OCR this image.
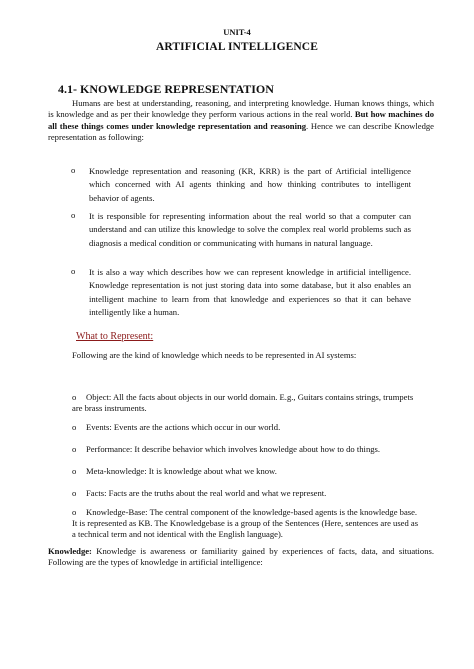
UNIT-4
ARTIFICIAL INTELLIGENCE
4.1- KNOWLEDGE REPRESENTATION
Humans are best at understanding, reasoning, and interpreting knowledge. Human knows things, which is knowledge and as per their knowledge they perform various actions in the real world. But how machines do all these things comes under knowledge representation and reasoning. Hence we can describe Knowledge representation as following:
o Knowledge representation and reasoning (KR, KRR) is the part of Artificial intelligence which concerned with AI agents thinking and how thinking contributes to intelligent behavior of agents.
o It is responsible for representing information about the real world so that a computer can understand and can utilize this knowledge to solve the complex real world problems such as diagnosis a medical condition or communicating with humans in natural language.
o It is also a way which describes how we can represent knowledge in artificial intelligence. Knowledge representation is not just storing data into some database, but it also enables an intelligent machine to learn from that knowledge and experiences so that it can behave intelligently like a human.
What to Represent:
Following are the kind of knowledge which needs to be represented in AI systems:
o Object: All the facts about objects in our world domain. E.g., Guitars contains strings, trumpets are brass instruments.
o Events: Events are the actions which occur in our world.
o Performance: It describe behavior which involves knowledge about how to do things.
o Meta-knowledge: It is knowledge about what we know.
o Facts: Facts are the truths about the real world and what we represent.
o Knowledge-Base: The central component of the knowledge-based agents is the knowledge base. It is represented as KB. The Knowledgebase is a group of the Sentences (Here, sentences are used as a technical term and not identical with the English language).
Knowledge: Knowledge is awareness or familiarity gained by experiences of facts, data, and situations. Following are the types of knowledge in artificial intelligence:
